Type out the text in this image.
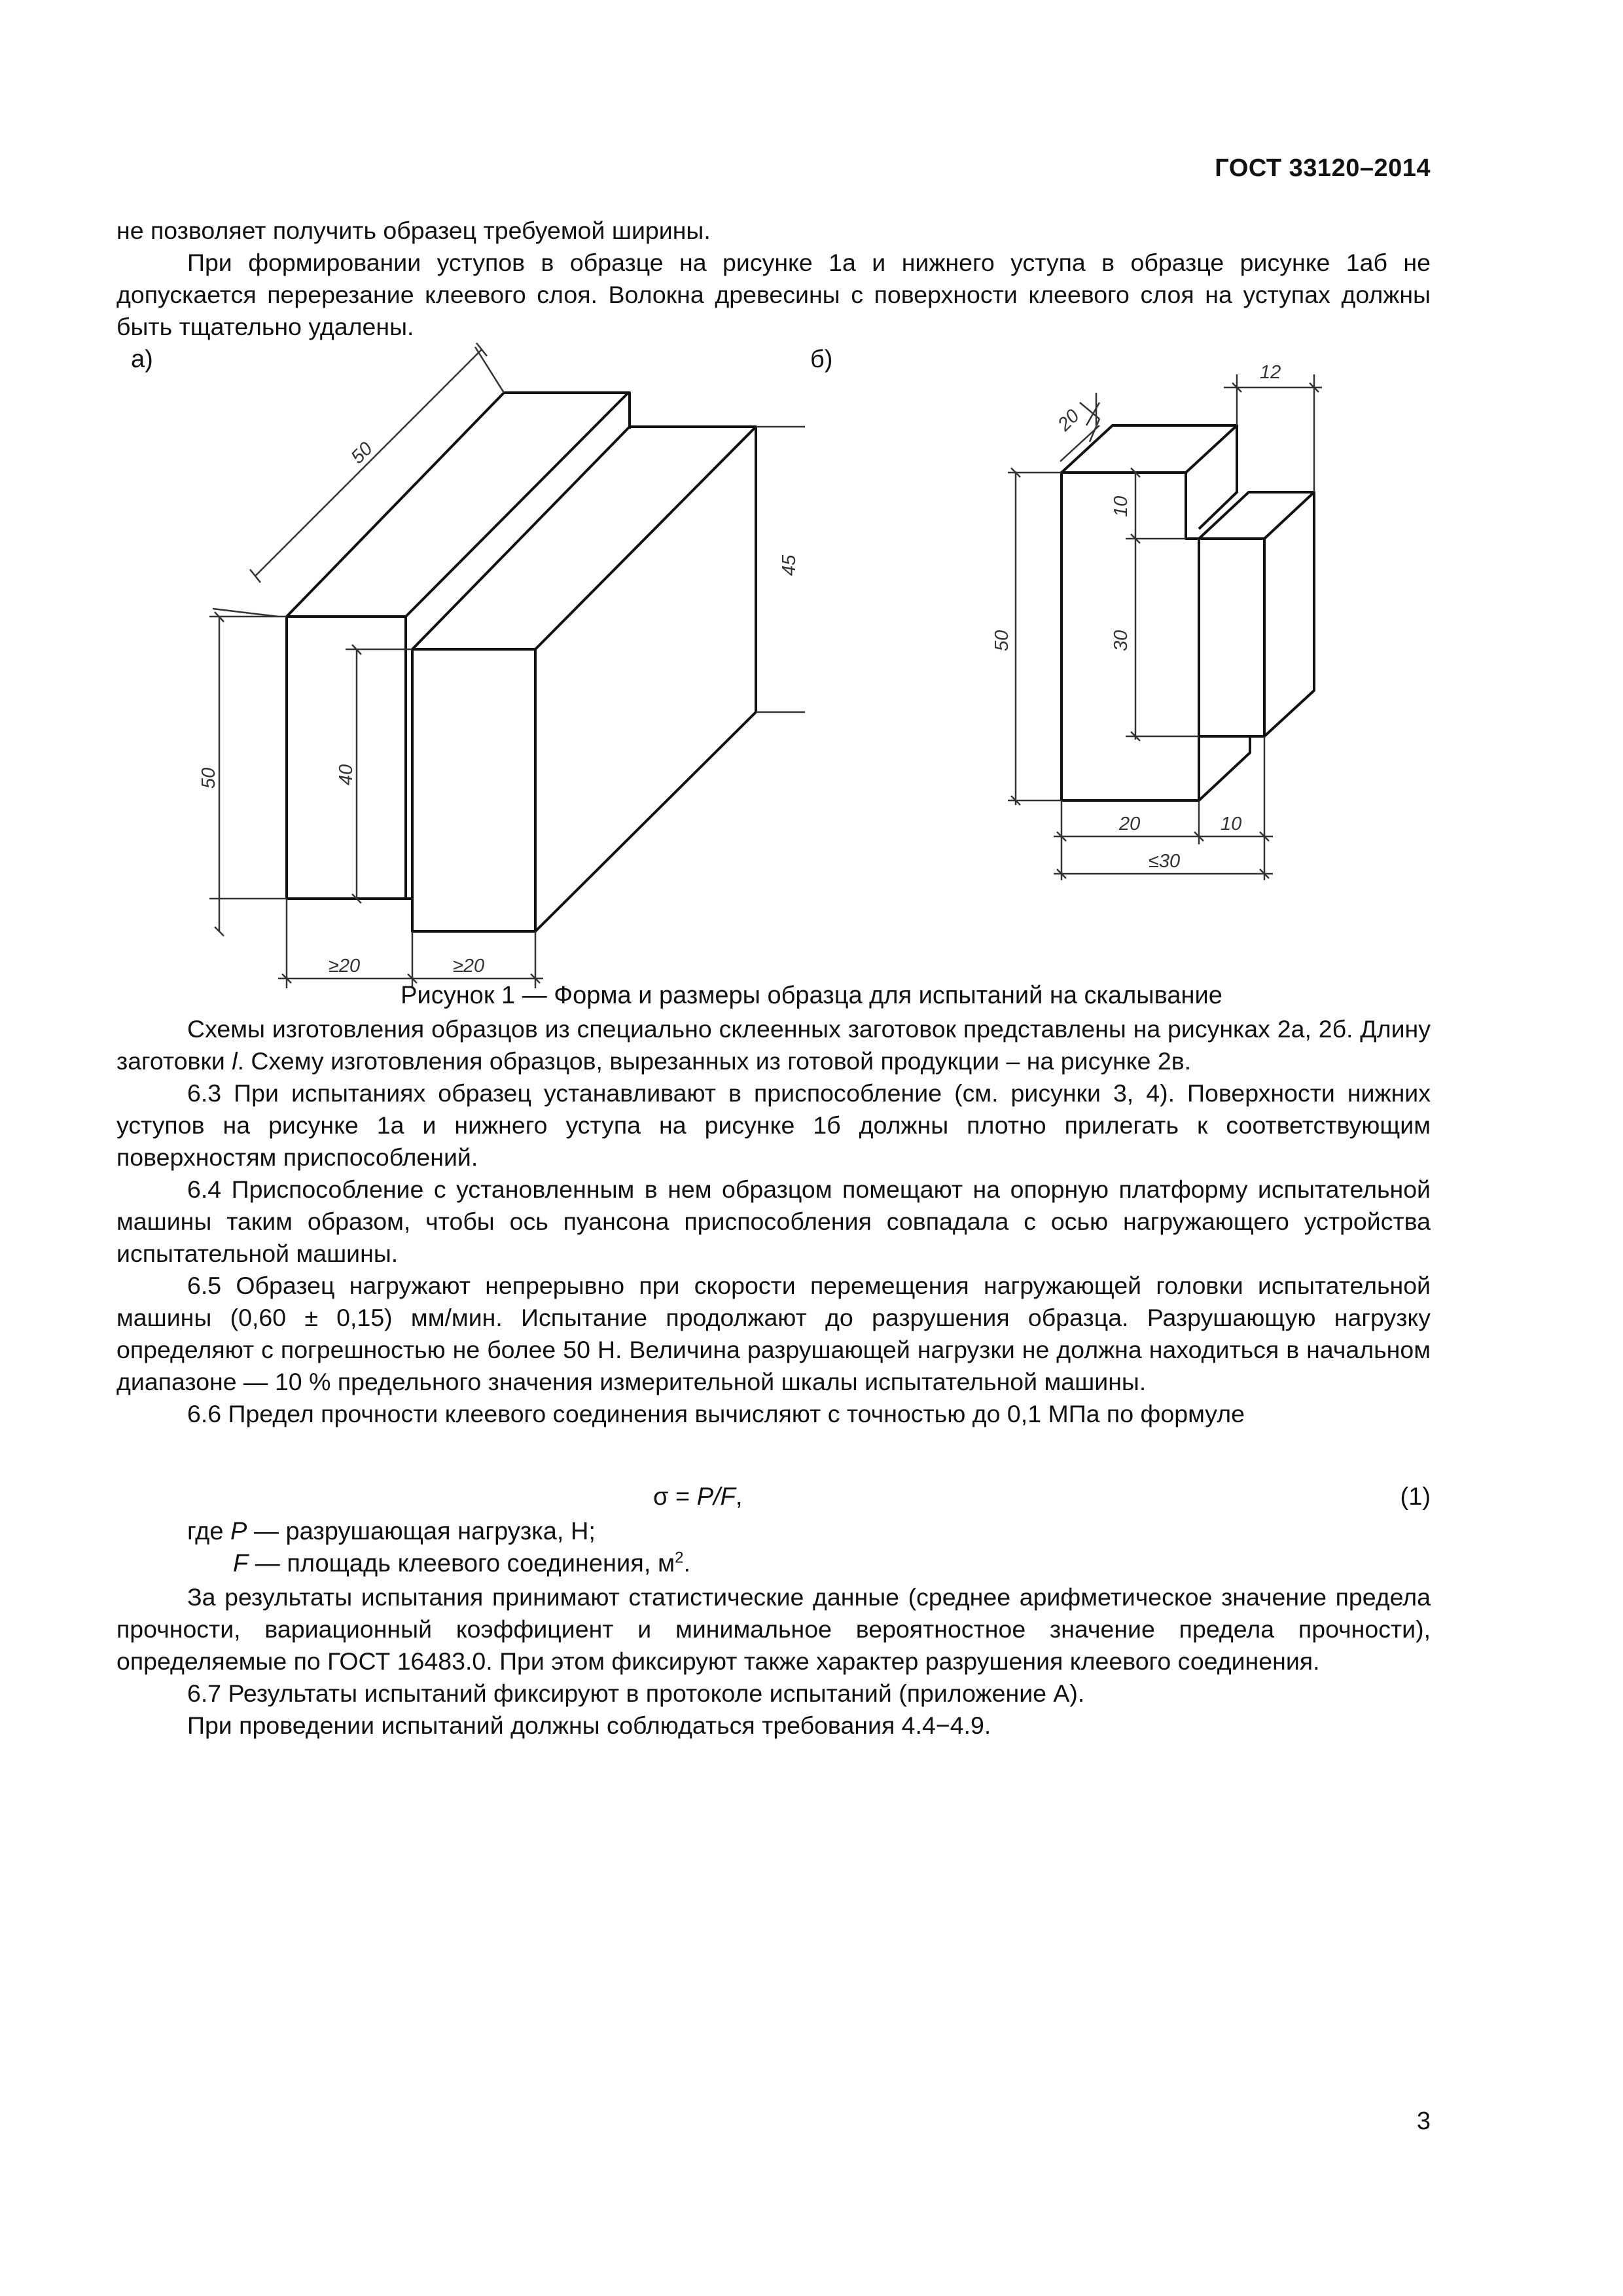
ГОСТ 33120–2014

не позволяет получить образец требуемой ширины.

При формировании уступов в образце на рисунке 1а и нижнего уступа в образце рисунке 1аб не допускается перерезание клеевого слоя. Волокна древесины с поверхности клеевого слоя на уступах должны быть тщательно удалены.

а)	б)
50
45
50	40
≥20	≥20
20
12
50
10
30
20	10
≤30
Рисунок 1 — Форма и размеры образца для испытаний на скалывание

Схемы изготовления образцов из специально склеенных заготовок представлены на рисунках 2а, 2б. Длину заготовки l. Схему изготовления образцов, вырезанных из готовой продукции – на рисунке 2в.

6.3 При испытаниях образец устанавливают в приспособление (см. рисунки 3, 4). Поверхности нижних уступов на рисунке 1а и нижнего уступа на рисунке 1б должны плотно прилегать к соответствующим поверхностям приспособлений.

6.4 Приспособление с установленным в нем образцом помещают на опорную платформу испытательной машины таким образом, чтобы ось пуансона приспособления совпадала с осью нагружающего устройства испытательной машины.

6.5 Образец нагружают непрерывно при скорости перемещения нагружающей головки испытательной машины (0,60 ± 0,15) мм/мин. Испытание продолжают до разрушения образца. Разрушающую нагрузку определяют с погрешностью не более 50 Н. Величина разрушающей нагрузки не должна находиться в начальном диапазоне — 10 % предельного значения измерительной шкалы испытательной машины.

6.6 Предел прочности клеевого соединения вычисляют с точностью до 0,1 МПа по формуле

σ = P/F,	(1)
где P — разрушающая нагрузка, Н;
F — площадь клеевого соединения, $м^2$.

За результаты испытания принимают статистические данные (среднее арифметическое значение предела прочности, вариационный коэффициент и минимальное вероятностное значение предела прочности), определяемые по ГОСТ 16483.0. При этом фиксируют также характер разрушения клеевого соединения.

6.7 Результаты испытаний фиксируют в протоколе испытаний (приложение А).

При проведении испытаний должны соблюдаться требования 4.4−4.9.

3
